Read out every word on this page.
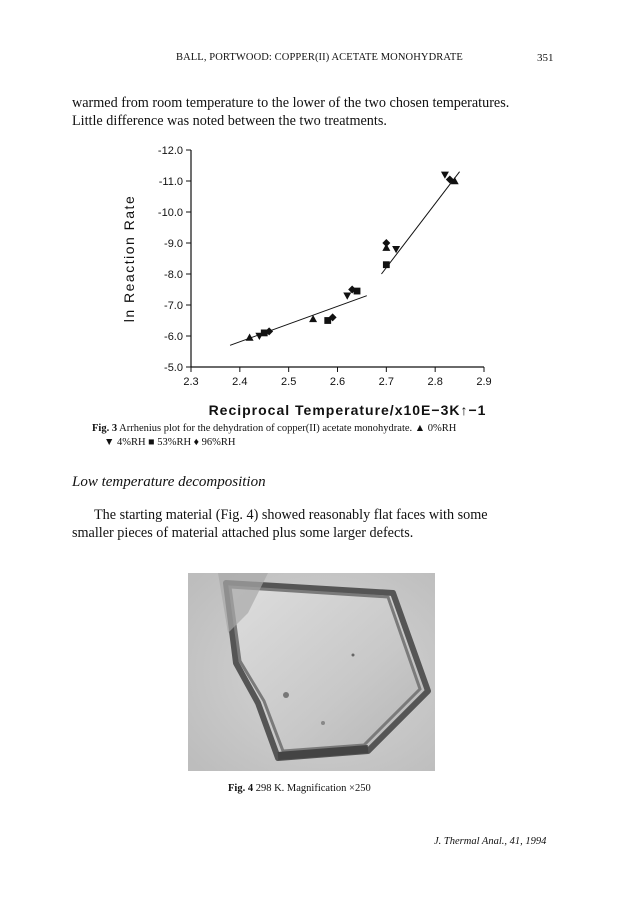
BALL, PORTWOOD: COPPER(II) ACETATE MONOHYDRATE	351
warmed from room temperature to the lower of the two chosen temperatures.
Little difference was noted between the two treatments.
-12.0
-11.0
-10.0
-9.0
-8.0
-7.0
-6.0
-5.0
2.3	2.4	2.5	2.6	2.7	2.8	2.9
ln Reaction Rate
Reciprocal Temperature/x10E−3K↑−1
Fig. 3 Arrhenius plot for the dehydration of copper(II) acetate monohydrate. ▲ 0%RH
▼ 4%RH ■ 53%RH ♦ 96%RH
Low temperature decomposition
The starting material (Fig. 4) showed reasonably flat faces with some
smaller pieces of material attached plus some larger defects.
Fig. 4 298 K. Magnification ×250
J. Thermal Anal., 41, 1994
